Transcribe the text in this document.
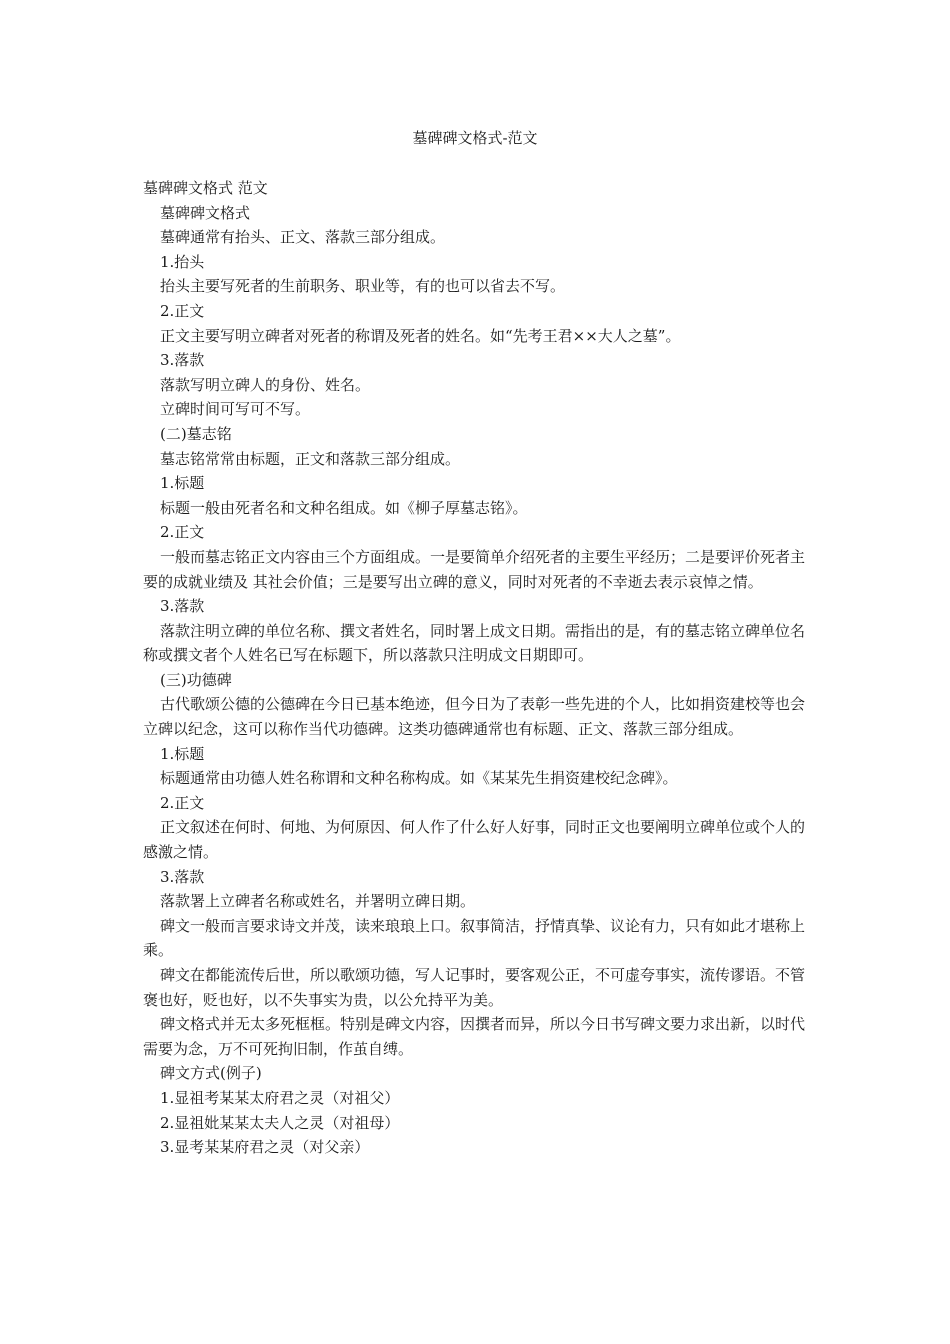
墓碑碑文格式-范文

墓碑碑文格式 范文

墓碑碑文格式

墓碑通常有抬头、正文、落款三部分组成。

1.抬头

抬头主要写死者的生前职务、职业等，有的也可以省去不写。

2.正文

正文主要写明立碑者对死者的称谓及死者的姓名。如“先考王君××大人之墓”。

3.落款

落款写明立碑人的身份、姓名。

立碑时间可写可不写。

(二)墓志铭

墓志铭常常由标题，正文和落款三部分组成。

1.标题

标题一般由死者名和文种名组成。如《柳子厚墓志铭》。

2.正文

一般而墓志铭正文内容由三个方面组成。一是要简单介绍死者的主要生平经历；二是要评价死者主要的成就业绩及 其社会价值；三是要写出立碑的意义，同时对死者的不幸逝去表示哀悼之情。

3.落款

落款注明立碑的单位名称、撰文者姓名，同时署上成文日期。需指出的是，有的墓志铭立碑单位名称或撰文者个人姓名已写在标题下，所以落款只注明成文日期即可。

(三)功德碑

古代歌颂公德的公德碑在今日已基本绝迹，但今日为了表彰一些先进的个人，比如捐资建校等也会立碑以纪念，这可以称作当代功德碑。这类功德碑通常也有标题、正文、落款三部分组成。

1.标题

标题通常由功德人姓名称谓和文种名称构成。如《某某先生捐资建校纪念碑》。

2.正文

正文叙述在何时、何地、为何原因、何人作了什么好人好事，同时正文也要阐明立碑单位或个人的感激之情。

3.落款

落款署上立碑者名称或姓名，并署明立碑日期。

碑文一般而言要求诗文并茂，读来琅琅上口。叙事简洁，抒情真挚、议论有力，只有如此才堪称上乘。

碑文在都能流传后世，所以歌颂功德，写人记事时，要客观公正，不可虚夸事实，流传谬语。不管褒也好，贬也好，以不失事实为贵，以公允持平为美。

碑文格式并无太多死框框。特别是碑文内容，因撰者而异，所以今日书写碑文要力求出新，以时代需要为念，万不可死拘旧制，作茧自缚。

碑文方式(例子)

1.显祖考某某太府君之灵（对祖父）

2.显祖妣某某太夫人之灵（对祖母）

3.显考某某府君之灵（对父亲）
